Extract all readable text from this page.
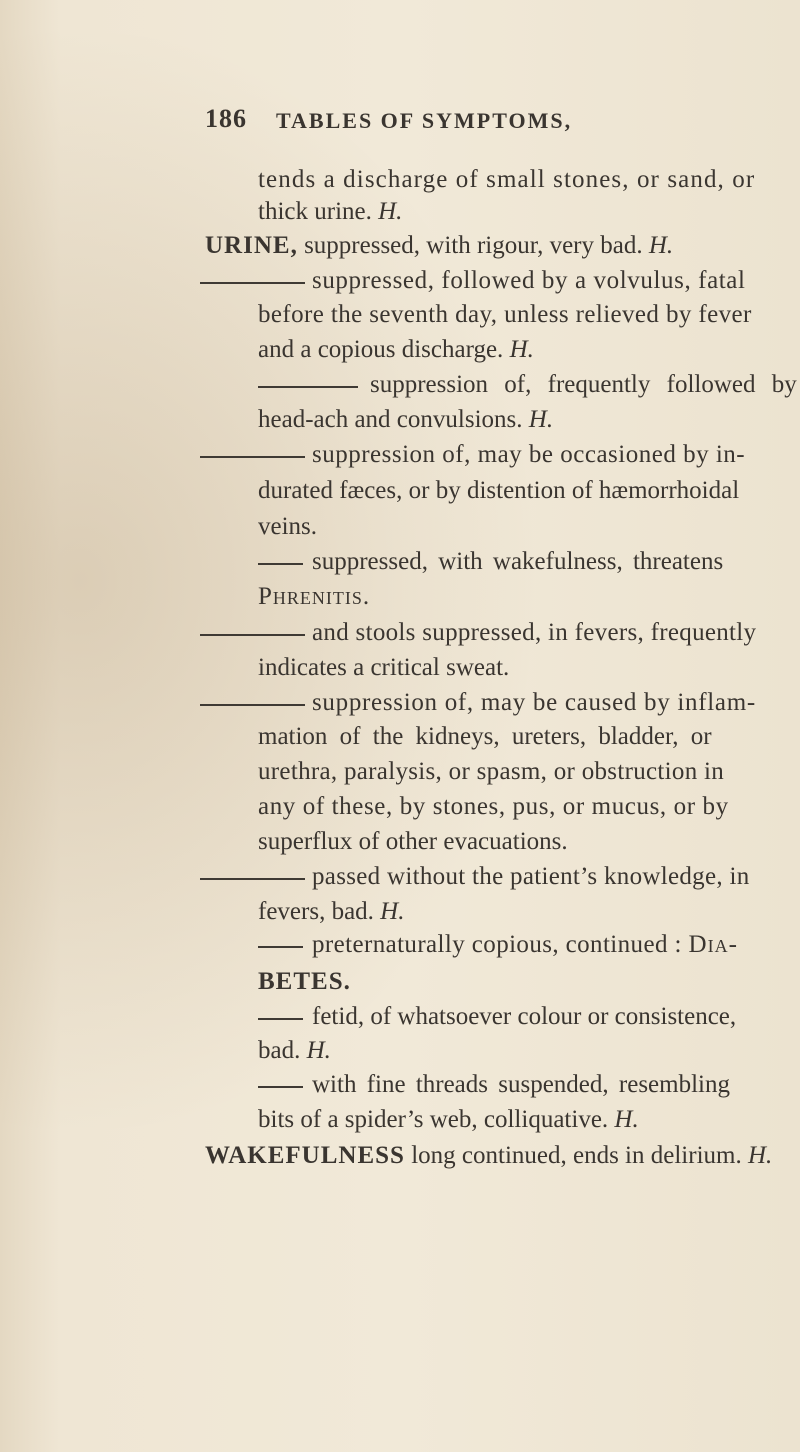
186 TABLES OF SYMPTOMS,
tends a discharge of small stones, or sand, or
thick urine. H.
URINE, suppressed, with rigour, very bad. H.
suppressed, followed by a volvulus, fatal
before the seventh day, unless relieved by fever
and a copious discharge. H.
suppression of, frequently followed by
head-ach and convulsions. H.
suppression of, may be occasioned by in-
durated fæces, or by distention of hæmorrhoidal
veins.
suppressed, with wakefulness, threatens
Phrenitis.
and stools suppressed, in fevers, frequently
indicates a critical sweat.
suppression of, may be caused by inflam-
mation of the kidneys, ureters, bladder, or
urethra, paralysis, or spasm, or obstruction in
any of these, by stones, pus, or mucus, or by
superflux of other evacuations.
passed without the patient’s knowledge, in
fevers, bad. H.
preternaturally copious, continued : Dia-
BETES.
fetid, of whatsoever colour or consistence,
bad. H.
with fine threads suspended, resembling
bits of a spider’s web, colliquative. H.
WAKEFULNESS long continued, ends in delirium. H.
